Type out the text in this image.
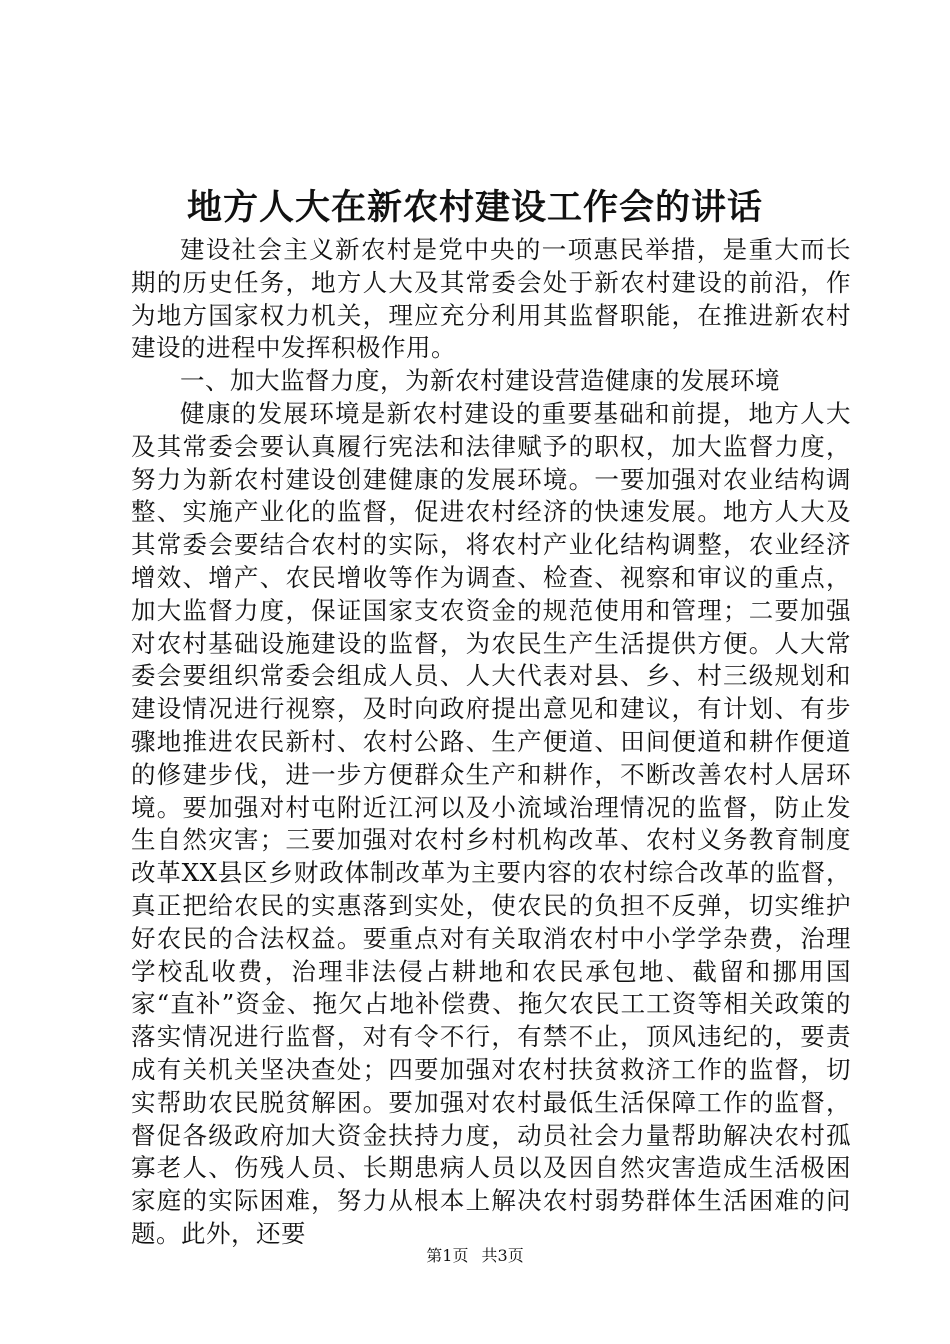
地方人大在新农村建设工作会的讲话

建设社会主义新农村是党中央的一项惠民举措，是重大而长期的历史任务，地方人大及其常委会处于新农村建设的前沿，作为地方国家权力机关，理应充分利用其监督职能，在推进新农村建设的进程中发挥积极作用。

一、加大监督力度，为新农村建设营造健康的发展环境

健康的发展环境是新农村建设的重要基础和前提，地方人大及其常委会要认真履行宪法和法律赋予的职权，加大监督力度，努力为新农村建设创建健康的发展环境。一要加强对农业结构调整、实施产业化的监督，促进农村经济的快速发展。地方人大及其常委会要结合农村的实际，将农村产业化结构调整，农业经济增效、增产、农民增收等作为调查、检查、视察和审议的重点，加大监督力度，保证国家支农资金的规范使用和管理；二要加强对农村基础设施建设的监督，为农民生产生活提供方便。人大常委会要组织常委会组成人员、人大代表对县、乡、村三级规划和建设情况进行视察，及时向政府提出意见和建议，有计划、有步骤地推进农民新村、农村公路、生产便道、田间便道和耕作便道的修建步伐，进一步方便群众生产和耕作，不断改善农村人居环境。要加强对村屯附近江河以及小流域治理情况的监督，防止发生自然灾害；三要加强对农村乡村机构改革、农村义务教育制度改革XX县区乡财政体制改革为主要内容的农村综合改革的监督，真正把给农民的实惠落到实处，使农民的负担不反弹，切实维护好农民的合法权益。要重点对有关取消农村中小学学杂费，治理学校乱收费，治理非法侵占耕地和农民承包地、截留和挪用国家“直补”资金、拖欠占地补偿费、拖欠农民工工资等相关政策的落实情况进行监督，对有令不行，有禁不止，顶风违纪的，要责成有关机关坚决查处；四要加强对农村扶贫救济工作的监督，切实帮助农民脱贫解困。要加强对农村最低生活保障工作的监督，督促各级政府加大资金扶持力度，动员社会力量帮助解决农村孤寡老人、伤残人员、长期患病人员以及因自然灾害造成生活极困家庭的实际困难，努力从根本上解决农村弱势群体生活困难的问题。此外，还要

第1页 共3页
